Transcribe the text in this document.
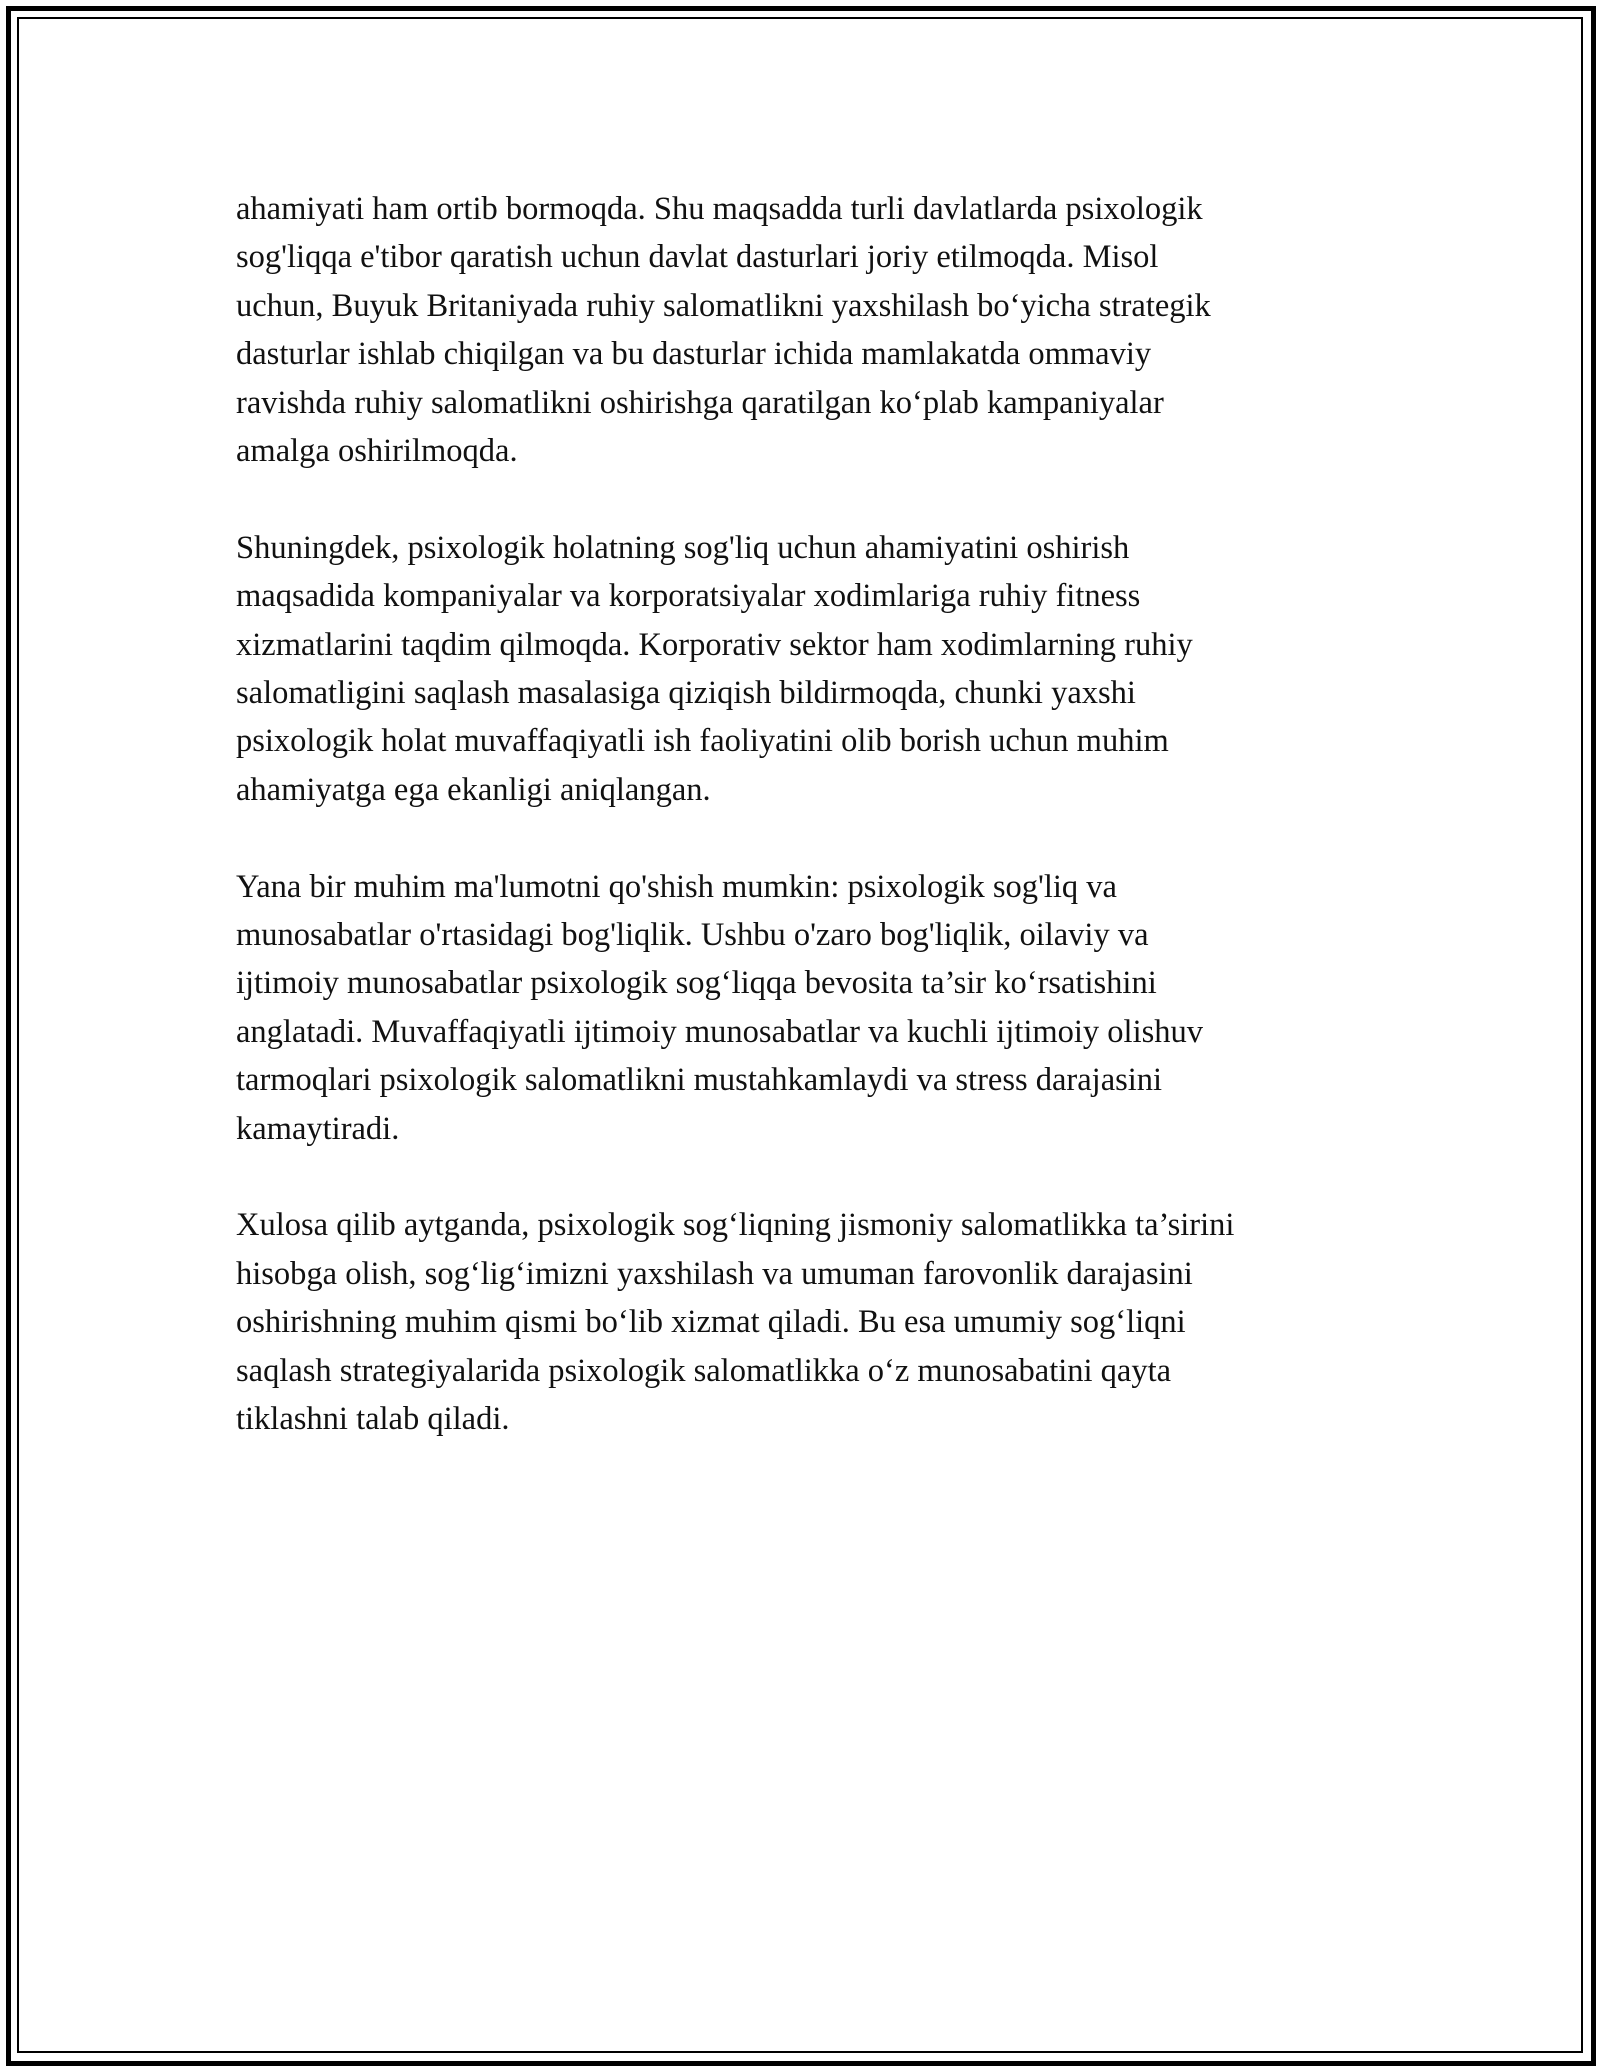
ahamiyati ham ortib bormoqda. Shu maqsadda turli davlatlarda psixologik
sog'liqqa e'tibor qaratish uchun davlat dasturlari joriy etilmoqda. Misol
uchun, Buyuk Britaniyada ruhiy salomatlikni yaxshilash bo‘yicha strategik
dasturlar ishlab chiqilgan va bu dasturlar ichida mamlakatda ommaviy
ravishda ruhiy salomatlikni oshirishga qaratilgan ko‘plab kampaniyalar
amalga oshirilmoqda.

Shuningdek, psixologik holatning sog'liq uchun ahamiyatini oshirish
maqsadida kompaniyalar va korporatsiyalar xodimlariga ruhiy fitness
xizmatlarini taqdim qilmoqda. Korporativ sektor ham xodimlarning ruhiy
salomatligini saqlash masalasiga qiziqish bildirmoqda, chunki yaxshi
psixologik holat muvaffaqiyatli ish faoliyatini olib borish uchun muhim
ahamiyatga ega ekanligi aniqlangan.

Yana bir muhim ma'lumotni qo'shish mumkin: psixologik sog'liq va
munosabatlar o'rtasidagi bog'liqlik. Ushbu o'zaro bog'liqlik, oilaviy va
ijtimoiy munosabatlar psixologik sog‘liqqa bevosita ta’sir ko‘rsatishini
anglatadi. Muvaffaqiyatli ijtimoiy munosabatlar va kuchli ijtimoiy olishuv
tarmoqlari psixologik salomatlikni mustahkamlaydi va stress darajasini
kamaytiradi.

Xulosa qilib aytganda, psixologik sog‘liqning jismoniy salomatlikka ta’sirini
hisobga olish, sog‘lig‘imizni yaxshilash va umuman farovonlik darajasini
oshirishning muhim qismi bo‘lib xizmat qiladi. Bu esa umumiy sog‘liqni
saqlash strategiyalarida psixologik salomatlikka o‘z munosabatini qayta
tiklashni talab qiladi.
